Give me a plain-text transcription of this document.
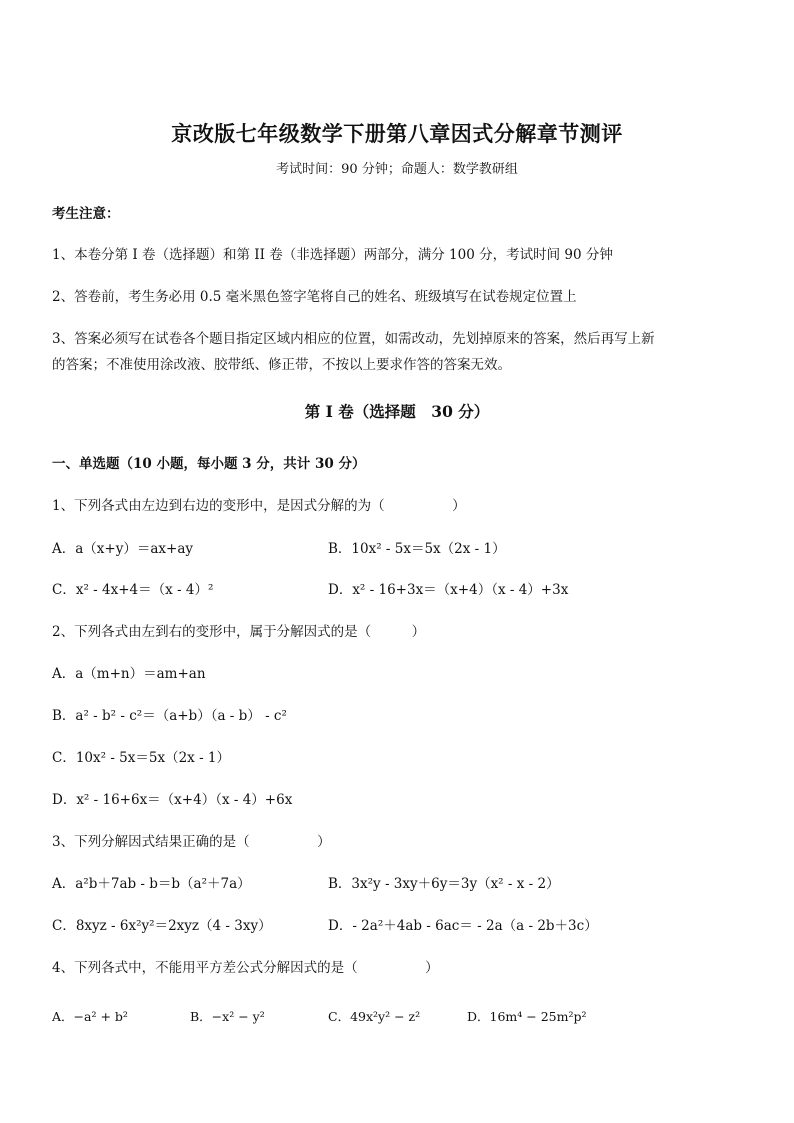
京改版七年级数学下册第八章因式分解章节测评
考试时间：90 分钟；命题人：数学教研组
考生注意：
1、本卷分第 I 卷（选择题）和第 II 卷（非选择题）两部分，满分 100 分，考试时间 90 分钟
2、答卷前，考生务必用 0.5 毫米黑色签字笔将自己的姓名、班级填写在试卷规定位置上
3、答案必须写在试卷各个题目指定区域内相应的位置，如需改动，先划掉原来的答案，然后再写上新
的答案；不准使用涂改液、胶带纸、修正带，不按以上要求作答的答案无效。
第 I 卷（选择题　30 分）
一、单选题（10 小题，每小题 3 分，共计 30 分）
1、下列各式由左边到右边的变形中，是因式分解的为（　　　　　）
A．a（x+y）＝ax+ay	B．10x² - 5x＝5x（2x - 1）
C．x² - 4x+4＝（x - 4）²	D．x² - 16+3x＝（x+4）（x - 4）+3x
2、下列各式由左到右的变形中，属于分解因式的是（　　　）
A．a（m+n）＝am+an
B．a² - b² - c²＝（a+b）（a - b） - c²
C．10x² - 5x＝5x（2x - 1）
D．x² - 16+6x＝（x+4）（x - 4）+6x
3、下列分解因式结果正确的是（　　　　　）
A．a²b＋7ab - b＝b（a²＋7a）	B．3x²y - 3xy＋6y＝3y（x² - x - 2）
C．8xyz - 6x²y²＝2xyz（4 - 3xy）	D．- 2a²＋4ab - 6ac＝ - 2a（a - 2b＋3c）
4、下列各式中，不能用平方差公式分解因式的是（　　　　　）
A．−a² + b²	B．−x² − y²	C．49x²y² − z²	D．16m⁴ − 25m²p²
